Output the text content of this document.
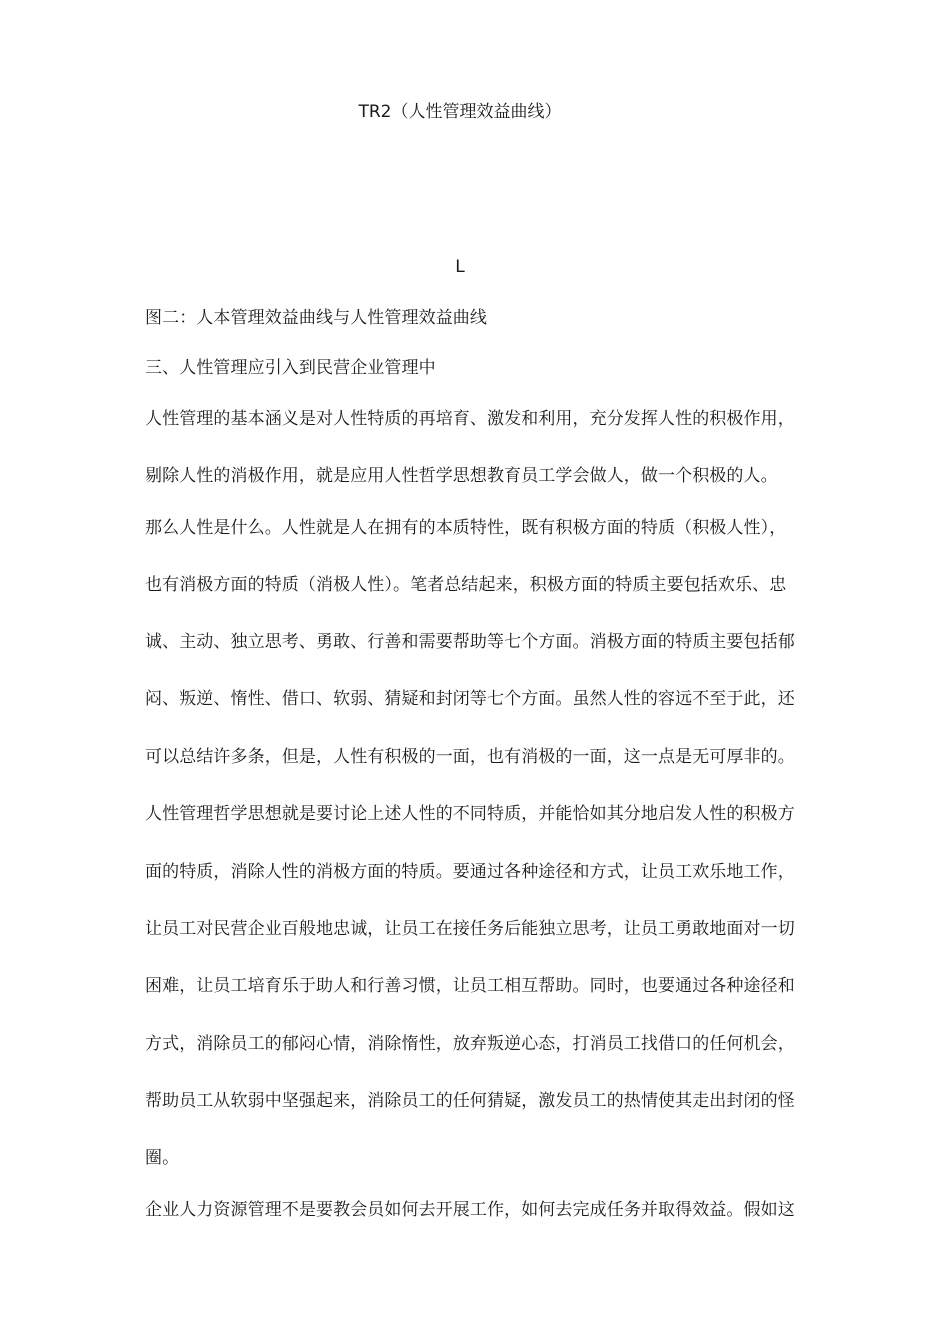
TR2（人性管理效益曲线）
L
图二：人本管理效益曲线与人性管理效益曲线
三、人性管理应引入到民营企业管理中
人性管理的基本涵义是对人性特质的再培育、激发和利用，充分发挥人性的积极作用，
剔除人性的消极作用，就是应用人性哲学思想教育员工学会做人，做一个积极的人。
那么人性是什么。人性就是人在拥有的本质特性，既有积极方面的特质（积极人性），
也有消极方面的特质（消极人性）。笔者总结起来，积极方面的特质主要包括欢乐、忠
诚、主动、独立思考、勇敢、行善和需要帮助等七个方面。消极方面的特质主要包括郁
闷、叛逆、惰性、借口、软弱、猜疑和封闭等七个方面。虽然人性的容远不至于此，还
可以总结许多条，但是，人性有积极的一面，也有消极的一面，这一点是无可厚非的。
人性管理哲学思想就是要讨论上述人性的不同特质，并能恰如其分地启发人性的积极方
面的特质，消除人性的消极方面的特质。要通过各种途径和方式，让员工欢乐地工作，
让员工对民营企业百般地忠诚，让员工在接任务后能独立思考，让员工勇敢地面对一切
困难，让员工培育乐于助人和行善习惯，让员工相互帮助。同时，也要通过各种途径和
方式，消除员工的郁闷心情，消除惰性，放弃叛逆心态，打消员工找借口的任何机会，
帮助员工从软弱中坚强起来，消除员工的任何猜疑，激发员工的热情使其走出封闭的怪
圈。
企业人力资源管理不是要教会员如何去开展工作，如何去完成任务并取得效益。假如这
